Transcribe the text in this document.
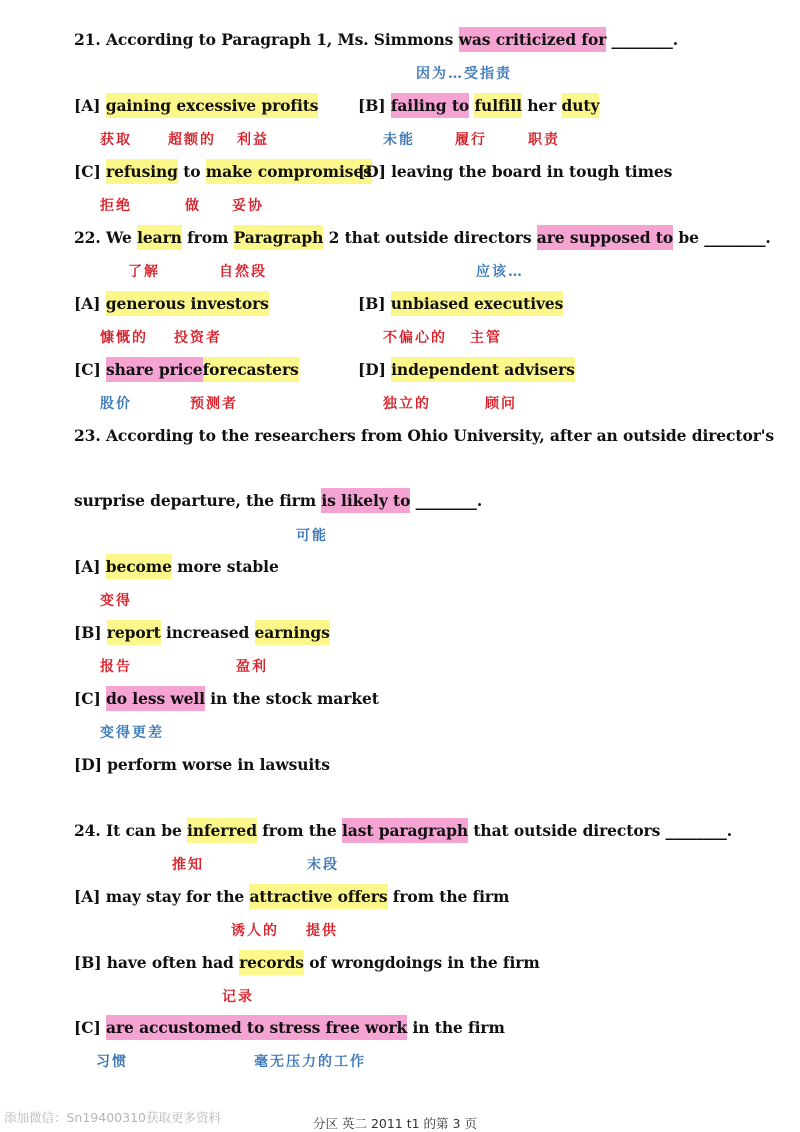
21. According to Paragraph 1, Ms. Simmons was criticized for ________.
因为…受指责
[A] gaining excessive profits
获取	超额的 利益
[B] failing to fulfill her duty
未能	履行	职责
[C] refusing to make compromises
拒绝	做 妥协
[D] leaving the board in tough times
22. We learn from Paragraph 2 that outside directors are supposed to be ________.
了解	自然段	应该…
[A] generous investors
慷慨的 投资者
[B] unbiased executives
不偏心的 主管
[C] share priceforecasters
股价	预测者
[D] independent advisers
独立的	顾问
23. According to the researchers from Ohio University, after an outside director's
surprise departure, the firm is likely to ________.
可能
[A] become more stable
变得
[B] report increased earnings
报告	盈利
[C] do less well in the stock market
变得更差
[D] perform worse in lawsuits
24. It can be inferred from the last paragraph that outside directors ________.
推知	末段
[A] may stay for the attractive offers from the firm
诱人的 提供
[B] have often had records of wrongdoings in the firm
记录
[C] are accustomed to stress free work in the firm
习惯	毫无压力的工作
添加微信：Sn19400310获取更多资料	分区 英二 2011 t1 的第 3 页
